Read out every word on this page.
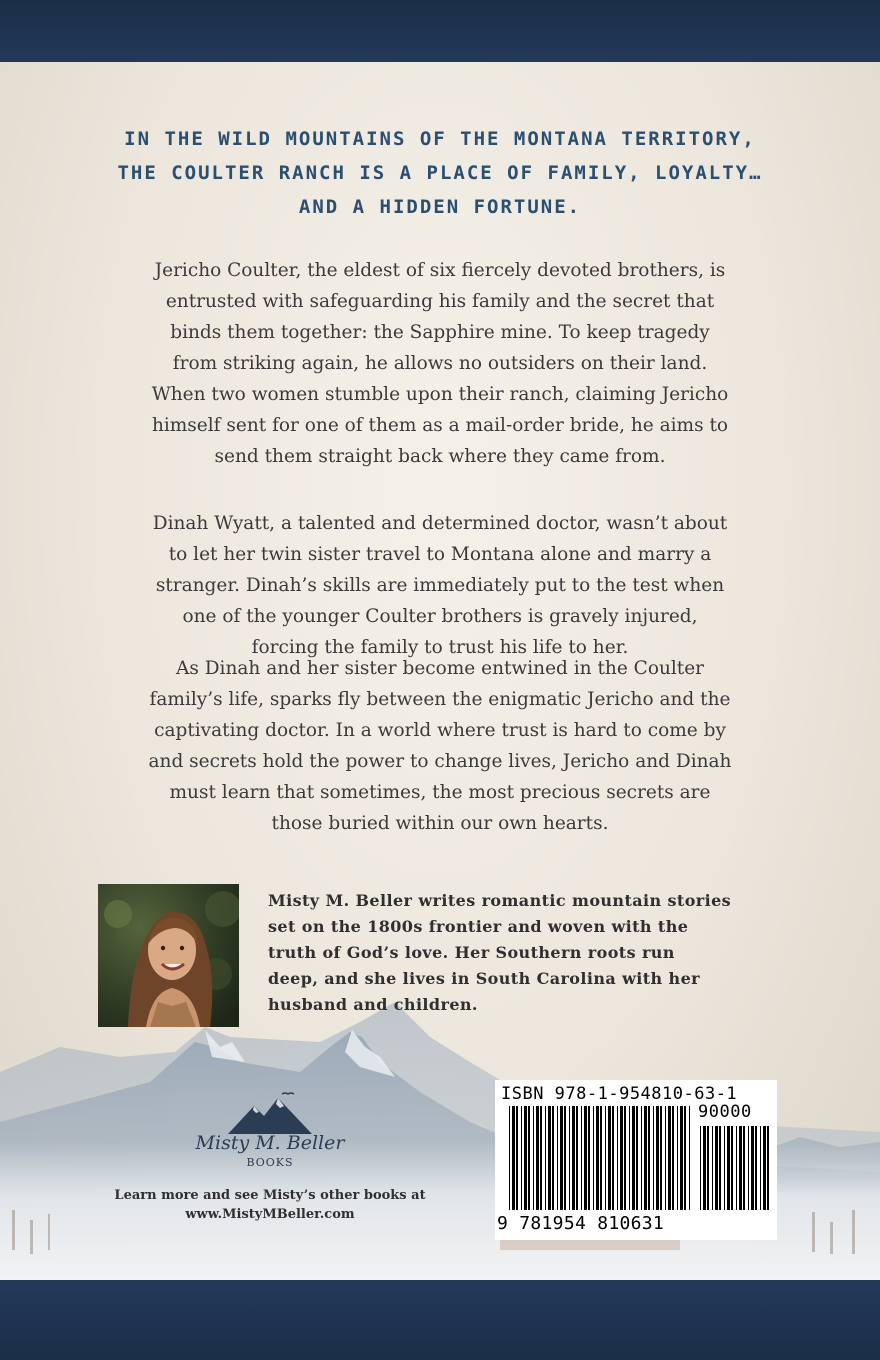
IN THE WILD MOUNTAINS OF THE MONTANA TERRITORY,
THE COULTER RANCH IS A PLACE OF FAMILY, LOYALTY…
AND A HIDDEN FORTUNE.
Jericho Coulter, the eldest of six fiercely devoted brothers, is
entrusted with safeguarding his family and the secret that
binds them together: the Sapphire mine. To keep tragedy
from striking again, he allows no outsiders on their land.
When two women stumble upon their ranch, claiming Jericho
himself sent for one of them as a mail-order bride, he aims to
send them straight back where they came from.
Dinah Wyatt, a talented and determined doctor, wasn’t about
to let her twin sister travel to Montana alone and marry a
stranger. Dinah’s skills are immediately put to the test when
one of the younger Coulter brothers is gravely injured,
forcing the family to trust his life to her.
As Dinah and her sister become entwined in the Coulter
family’s life, sparks fly between the enigmatic Jericho and the
captivating doctor. In a world where trust is hard to come by
and secrets hold the power to change lives, Jericho and Dinah
must learn that sometimes, the most precious secrets are
those buried within our own hearts.
Misty M. Beller writes romantic mountain stories
set on the 1800s frontier and woven with the
truth of God’s love. Her Southern roots run
deep, and she lives in South Carolina with her
husband and children.
Misty M. Beller
BOOKS
Learn more and see Misty’s other books at
www.MistyMBeller.com
ISBN 978-1-954810-63-1
90000
9 781954 810631
